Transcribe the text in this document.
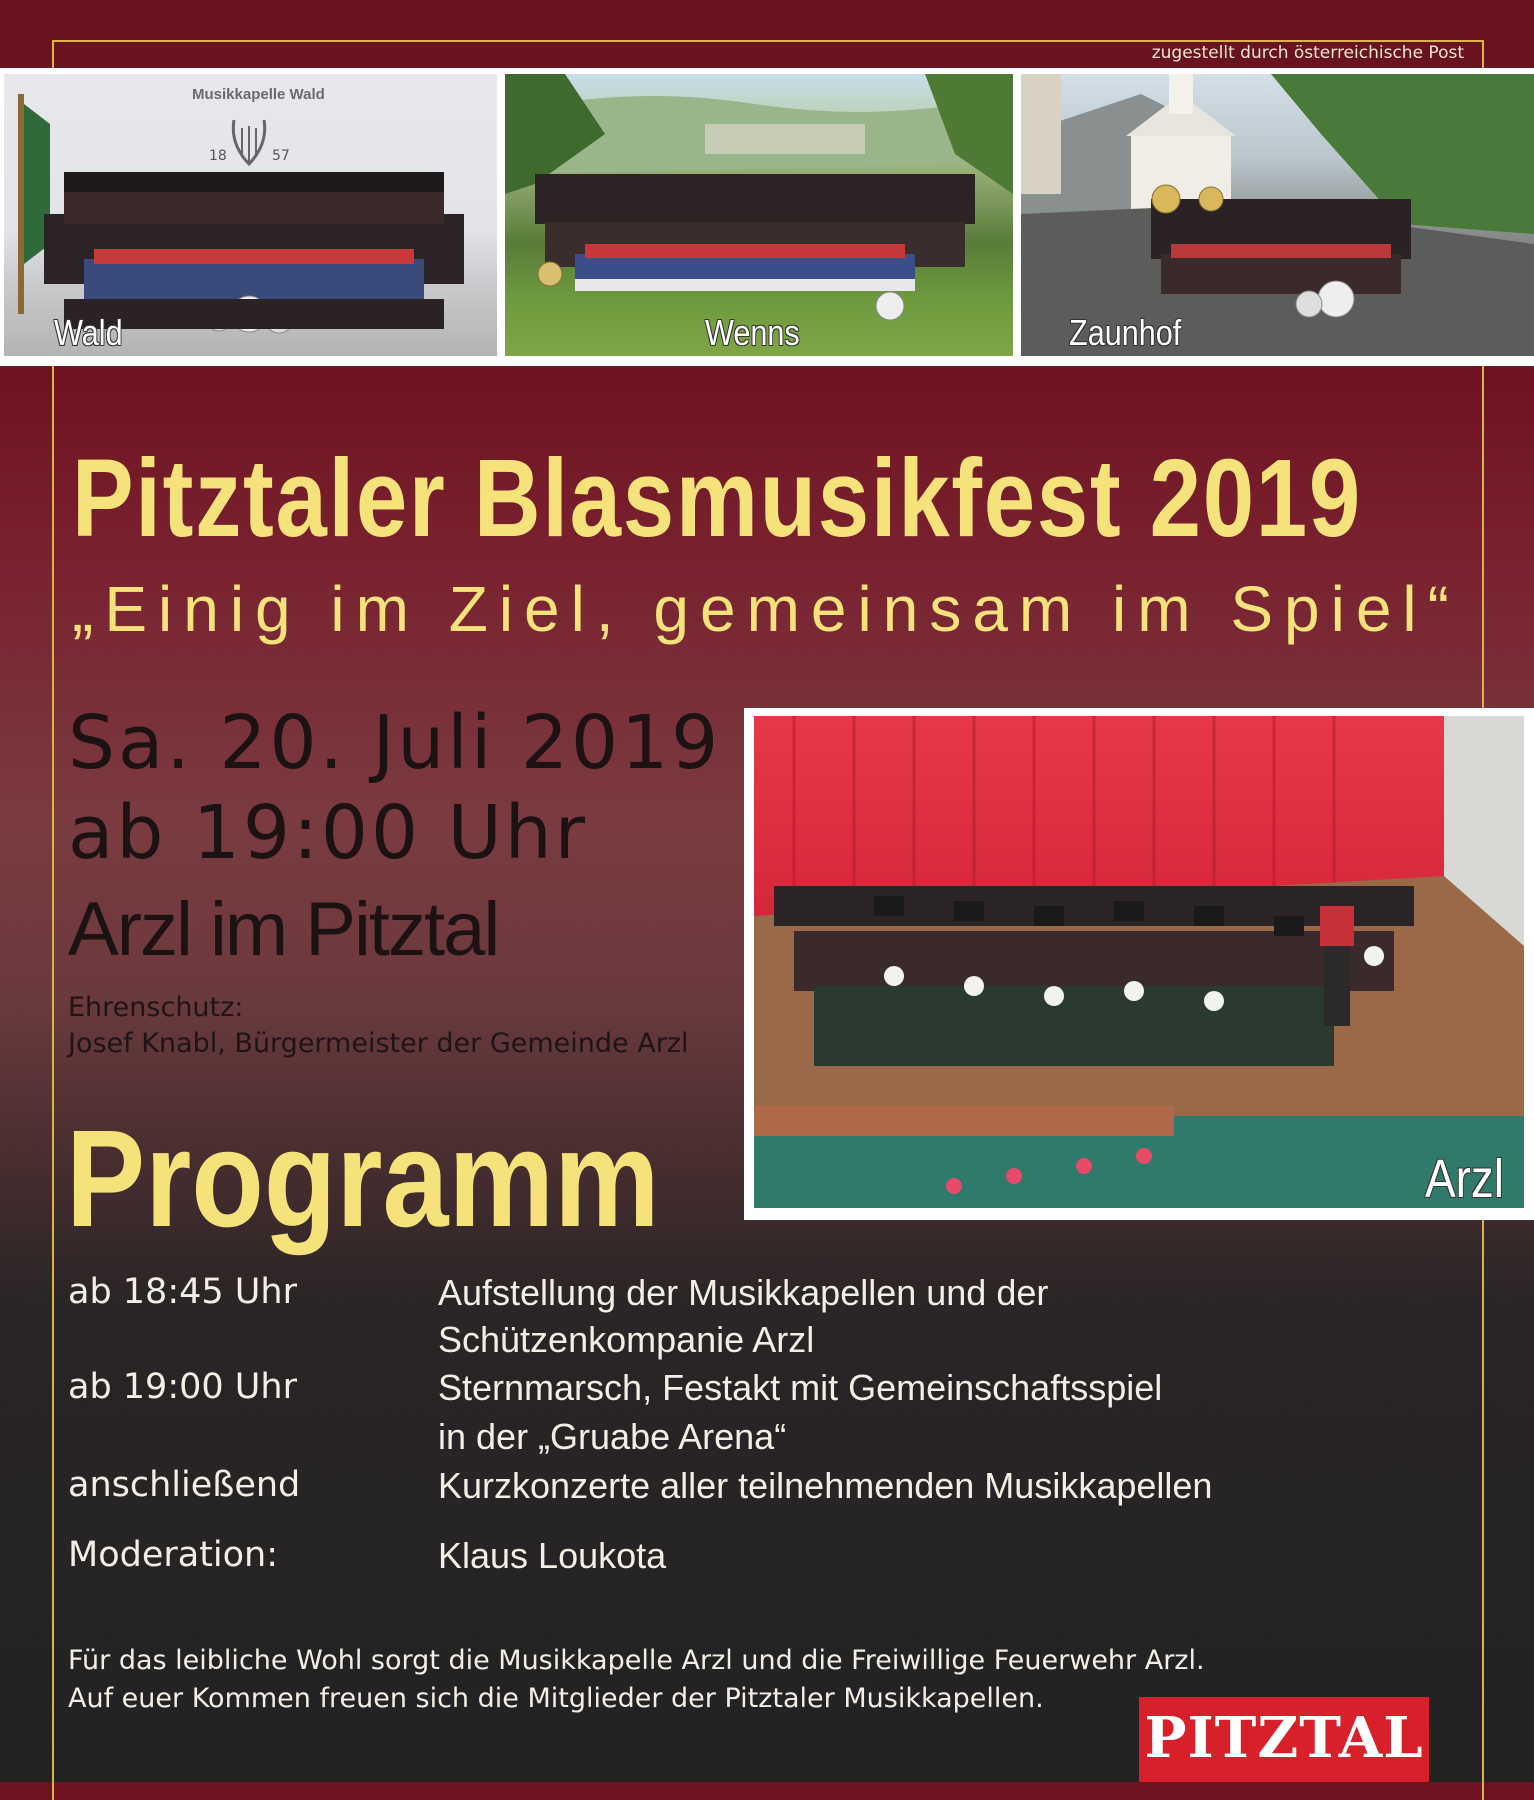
zugestellt durch österreichische Post
Musikkapelle Wald
18	57
Wald	Wenns	Zaunhof
Pitztaler Blasmusikfest 2019
„Einig im Ziel, gemeinsam im Spiel“
Sa. 20. Juli 2019
ab 19:00 Uhr
Arzl im Pitztal
Ehrenschutz:
Josef Knabl, Bürgermeister der Gemeinde Arzl
Arzl
Programm
ab 18:45 Uhr	Aufstellung der Musikkapellen und der
Schützenkompanie Arzl
ab 19:00 Uhr	Sternmarsch, Festakt mit Gemeinschaftsspiel
in der „Gruabe Arena“
anschließend	Kurzkonzerte aller teilnehmenden Musikkapellen
Moderation:	Klaus Loukota
Für das leibliche Wohl sorgt die Musikkapelle Arzl und die Freiwillige Feuerwehr Arzl.
Auf euer Kommen freuen sich die Mitglieder der Pitztaler Musikkapellen.
PITZTAL
